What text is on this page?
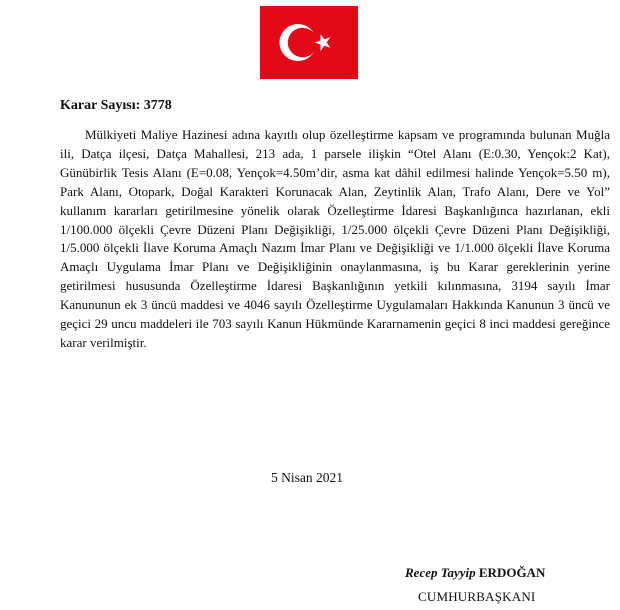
Karar Sayısı: 3778

Mülkiyeti Maliye Hazinesi adına kayıtlı olup özelleştirme kapsam ve programında bulunan Muğla ili, Datça ilçesi, Datça Mahallesi, 213 ada, 1 parsele ilişkin “Otel Alanı (E:0.30, Yençok:2 Kat), Günübirlik Tesis Alanı (E=0.08, Yençok=4.50m’dir, asma kat dâhil edilmesi halinde Yençok=5.50 m), Park Alanı, Otopark, Doğal Karakteri Korunacak Alan, Zeytinlik Alan, Trafo Alanı, Dere ve Yol” kullanım kararları getirilmesine yönelik olarak Özelleştirme İdaresi Başkanlığınca hazırlanan, ekli 1/100.000 ölçekli Çevre Düzeni Planı Değişikliği, 1/25.000 ölçekli Çevre Düzeni Planı Değişikliği, 1/5.000 ölçekli İlave Koruma Amaçlı Nazım İmar Planı ve Değişikliği ve 1/1.000 ölçekli İlave Koruma Amaçlı Uygulama İmar Planı ve Değişikliğinin onaylanmasına, iş bu Karar gereklerinin yerine getirilmesi hususunda Özelleştirme İdaresi Başkanlığının yetkili kılınmasına, 3194 sayılı İmar Kanununun ek 3 üncü maddesi ve 4046 sayılı Özelleştirme Uygulamaları Hakkında Kanunun 3 üncü ve geçici 29 uncu maddeleri ile 703 sayılı Kanun Hükmünde Kararnamenin geçici 8 inci maddesi gereğince karar verilmiştir.

5 Nisan 2021
Recep Tayyip ERDOĞAN
CUMHURBAŞKANI
